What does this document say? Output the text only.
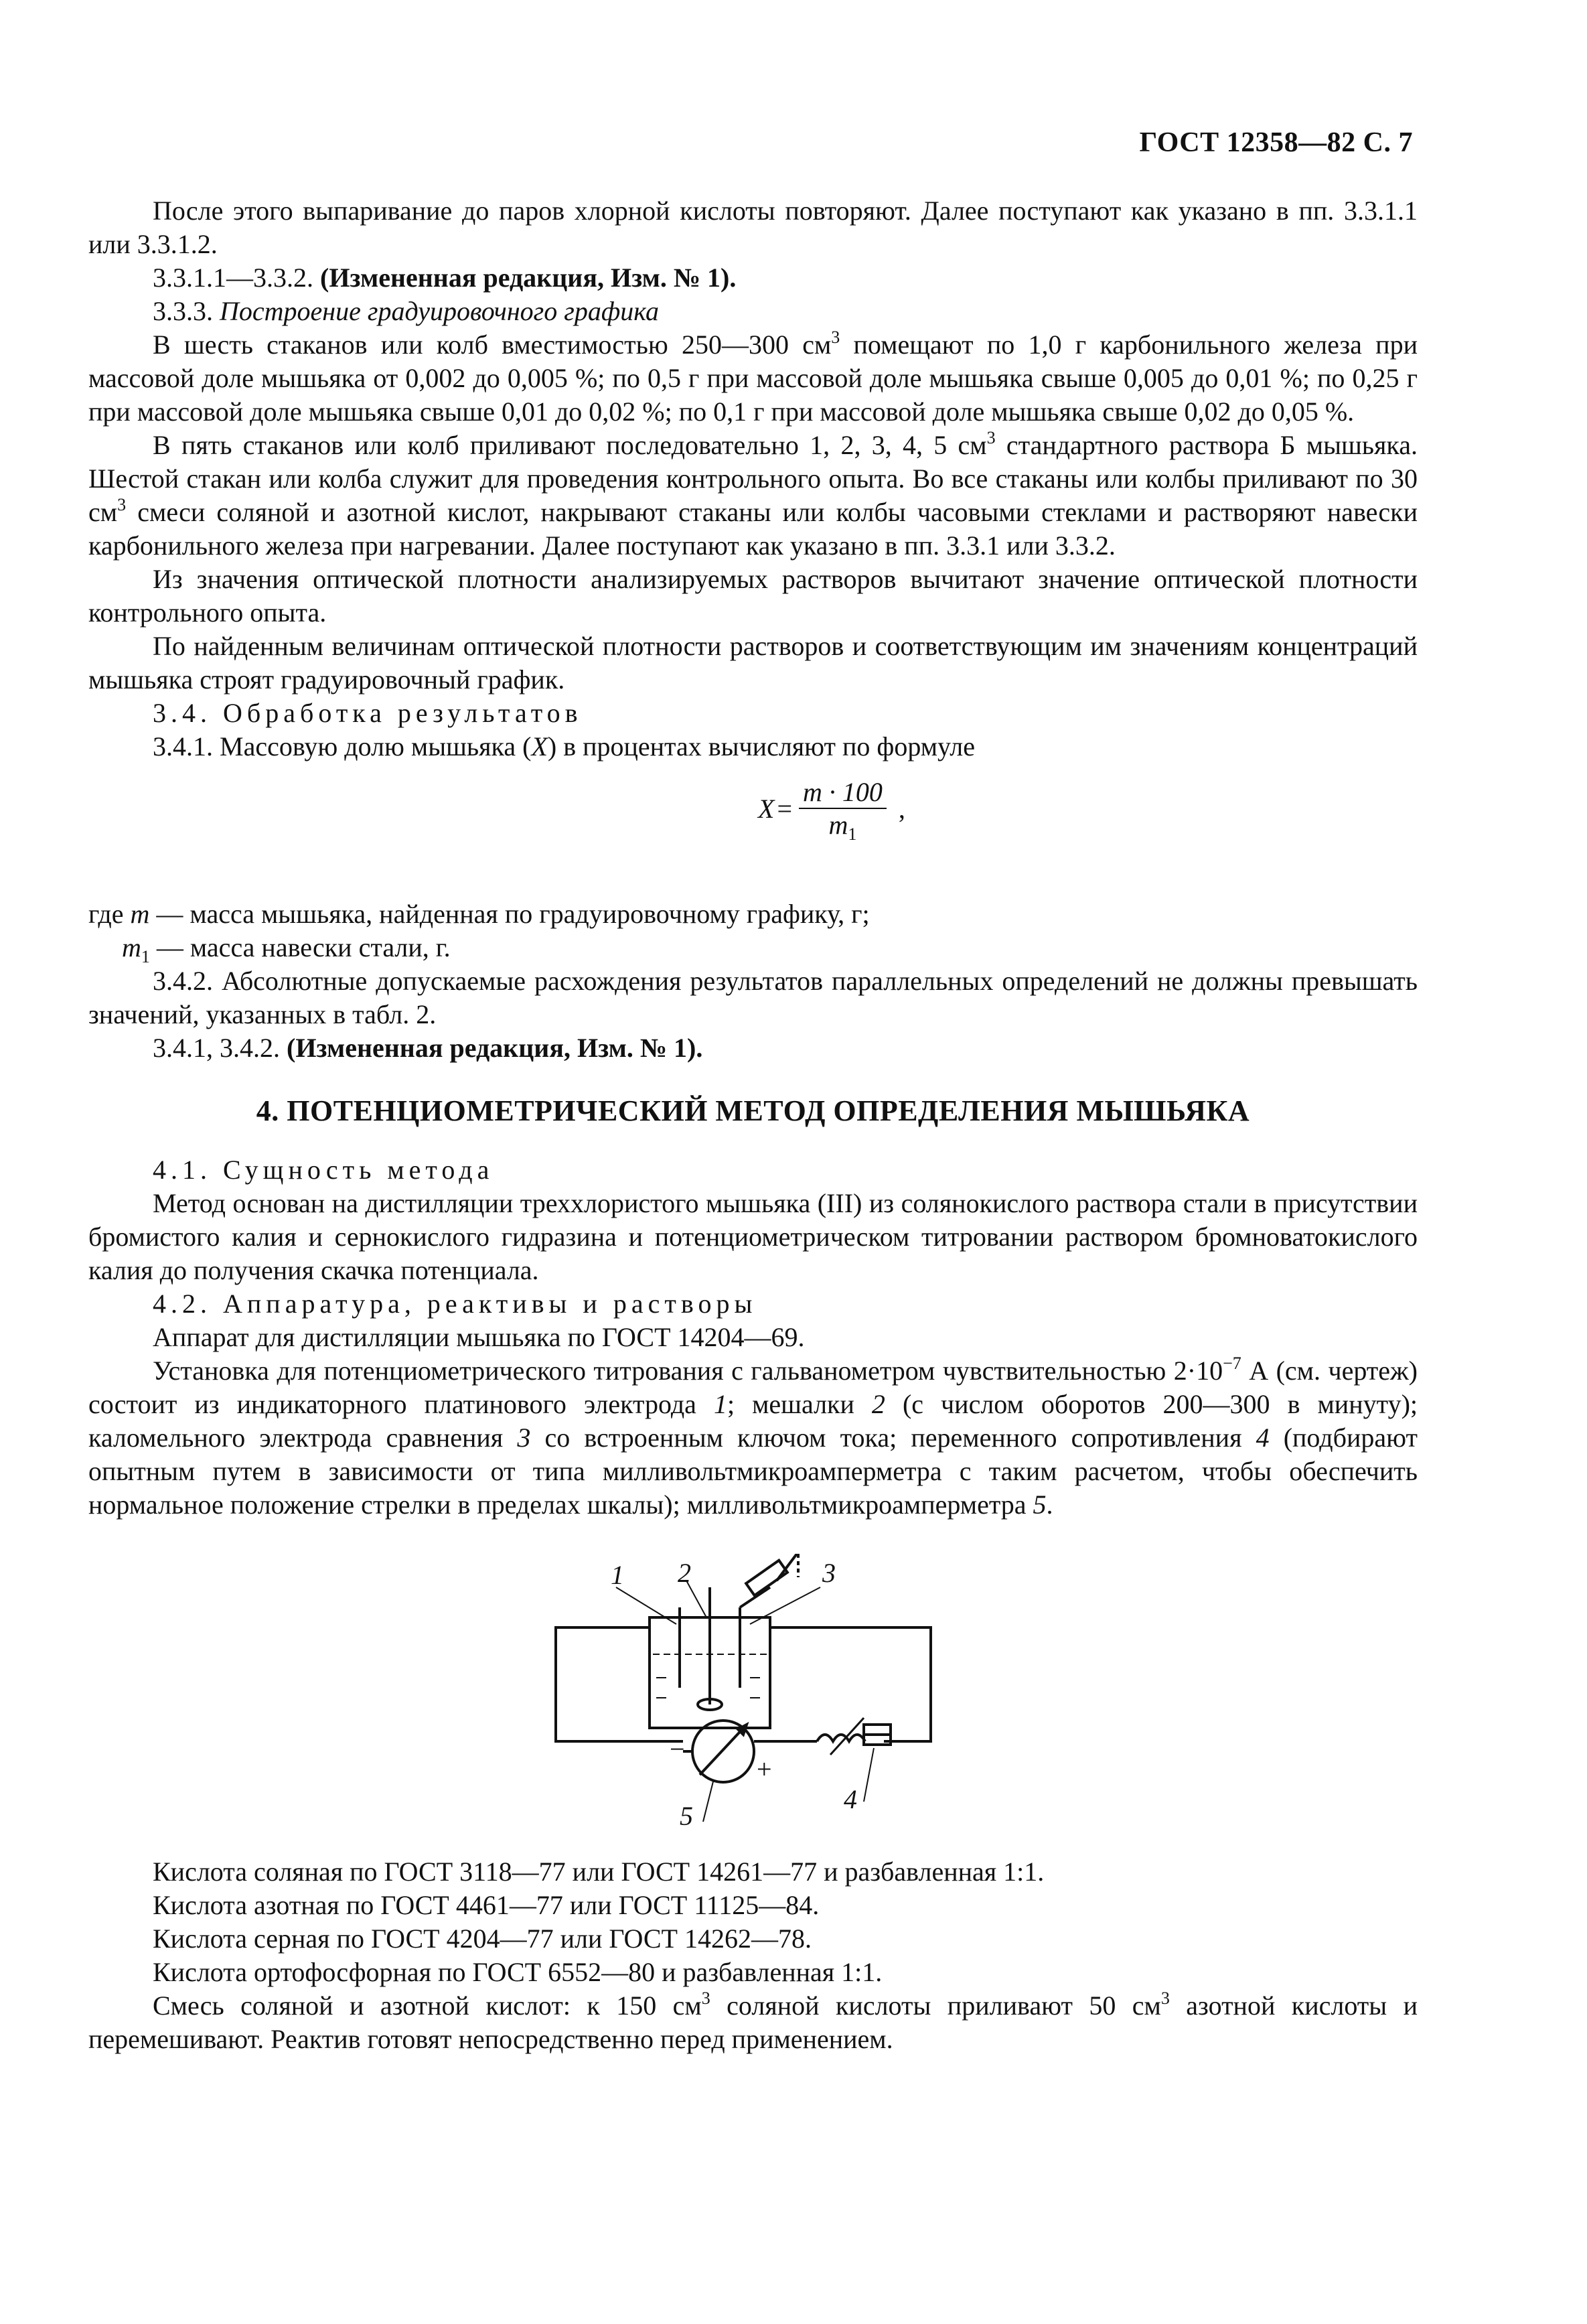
ГОСТ 12358—82 С. 7

После этого выпаривание до паров хлорной кислоты повторяют. Далее поступают как указано в пп. 3.3.1.1 или 3.3.1.2.

3.3.1.1—3.3.2. (Измененная редакция, Изм. № 1).

3.3.3. Построение градуировочного графика

В шесть стаканов или колб вместимостью 250—300 $см^3$ помещают по 1,0 г карбонильного железа при массовой доле мышьяка от 0,002 до 0,005 %; по 0,5 г при массовой доле мышьяка свыше 0,005 до 0,01 %; по 0,25 г при массовой доле мышьяка свыше 0,01 до 0,02 %; по 0,1 г при массовой доле мышьяка свыше 0,02 до 0,05 %.

В пять стаканов или колб приливают последовательно 1, 2, 3, 4, 5 $см^3$ стандартного раствора Б мышьяка. Шестой стакан или колба служит для проведения контрольного опыта. Во все стаканы или колбы приливают по 30 $см^3$ смеси соляной и азотной кислот, накрывают стаканы или колбы часовыми стеклами и растворяют навески карбонильного железа при нагревании. Далее поступают как указано в пп. 3.3.1 или 3.3.2.

Из значения оптической плотности анализируемых растворов вычитают значение оптической плотности контрольного опыта.

По найденным величинам оптической плотности растворов и соответствующим им значениям концентраций мышьяка строят градуировочный график.

3.4. Обработка результатов

3.4.1. Массовую долю мышьяка (X) в процентах вычисляют по формуле

$X = \frac{m \cdot 100}{m_1}$ ,

где m — масса мышьяка, найденная по градуировочному графику, г;

$m_1$ — масса навески стали, г.

3.4.2. Абсолютные допускаемые расхождения результатов параллельных определений не должны превышать значений, указанных в табл. 2.

3.4.1, 3.4.2. (Измененная редакция, Изм. № 1).

4. ПОТЕНЦИОМЕТРИЧЕСКИЙ МЕТОД ОПРЕДЕЛЕНИЯ МЫШЬЯКА

4.1. Сущность метода

Метод основан на дистилляции треххлористого мышьяка (III) из солянокислого раствора стали в присутствии бромистого калия и сернокислого гидразина и потенциометрическом титровании раствором бромноватокислого калия до получения скачка потенциала.

4.2. Аппаратура, реактивы и растворы

Аппарат для дистилляции мышьяка по ГОСТ 14204—69.

Установка для потенциометрического титрования с гальванометром чувствительностью $2\cdot 10^{-7}$ А (см. чертеж) состоит из индикаторного платинового электрода 1; мешалки 2 (с числом оборотов 200—300 в минуту); каломельного электрода сравнения 3 со встроенным ключом тока; переменного сопротивления 4 (подбирают опытным путем в зависимости от типа милливольтмикроамперметра с таким расчетом, чтобы обеспечить нормальное положение стрелки в пределах шкалы); милливольтмикроамперметра 5.

1 2	3
4
5
−
+

Кислота соляная по ГОСТ 3118—77 или ГОСТ 14261—77 и разбавленная 1:1.

Кислота азотная по ГОСТ 4461—77 или ГОСТ 11125—84.

Кислота серная по ГОСТ 4204—77 или ГОСТ 14262—78.

Кислота ортофосфорная по ГОСТ 6552—80 и разбавленная 1:1.

Смесь соляной и азотной кислот: к 150 $см^3$ соляной кислоты приливают 50 $см^3$ азотной кислоты и перемешивают. Реактив готовят непосредственно перед применением.
